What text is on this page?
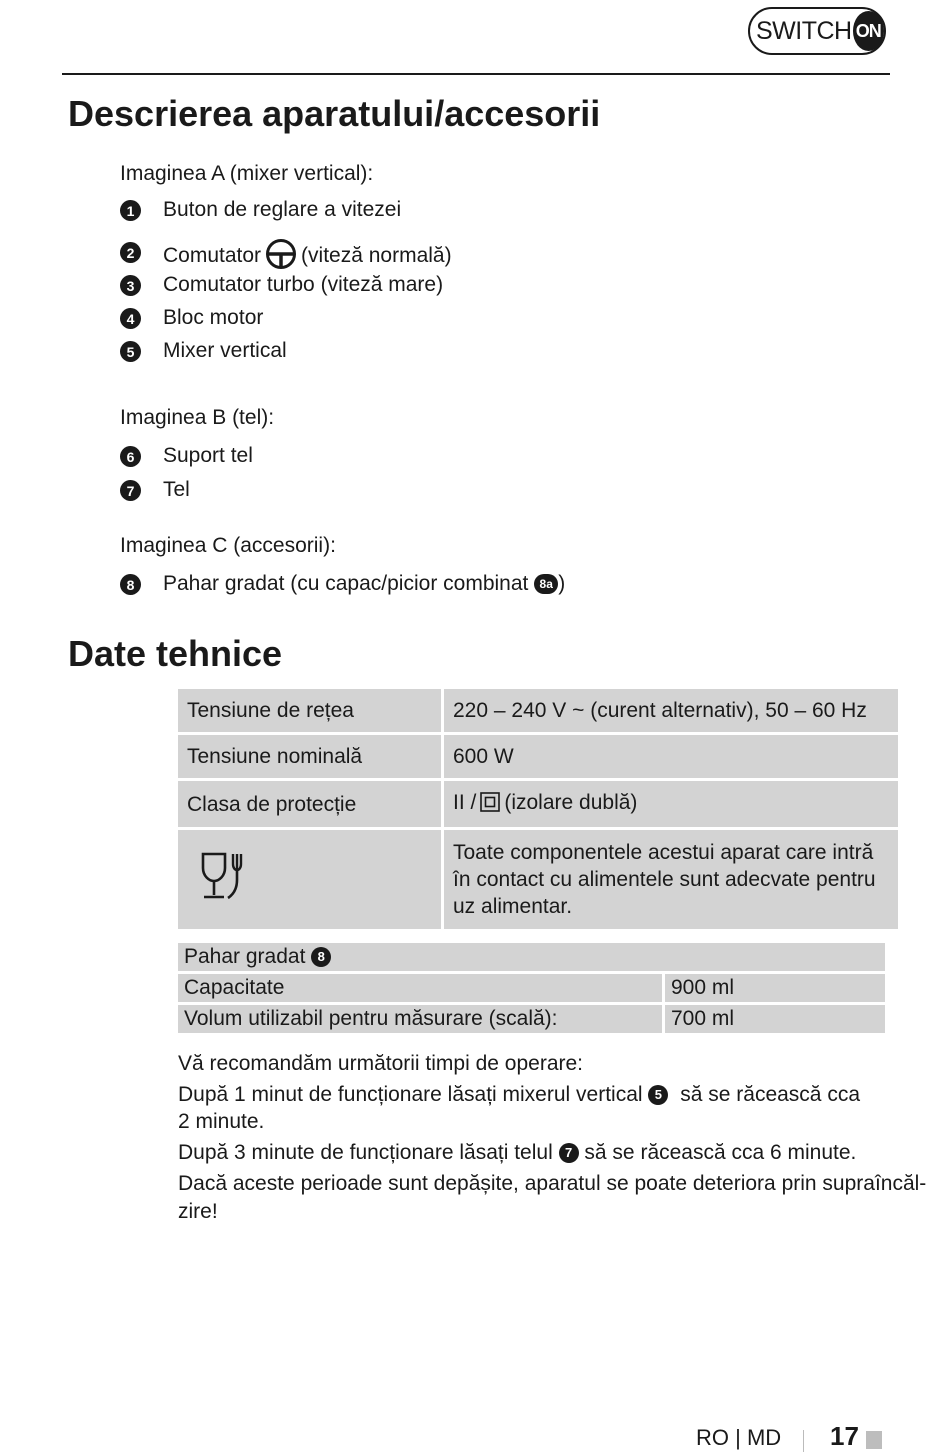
SWITCH ON
Descrierea aparatului/accesorii
Imaginea A (mixer vertical):
1	Buton de reglare a vitezei
2	Comutator (viteză normală)
3	Comutator turbo (viteză mare)
4	Bloc motor
5	Mixer vertical
Imaginea B (tel):
6	Suport tel
7	Tel
Imaginea C (accesorii):
8	Pahar gradat (cu capac/picior combinat 8a )
Date tehnice
Tensiune de rețea	220 – 240 V ~ (curent alternativ), 50 – 60 Hz
Tensiune nominală	600 W
Clasa de protecție	II / (izolare dublă)
	Toate componentele acestui aparat care intră în contact cu alimentele sunt adecvate pentru uz alimentar.
Pahar gradat 8	
Capacitate	900 ml
Volum utilizabil pentru măsurare (scală):	700 ml
Vă recomandăm următorii timpi de operare:
După 1 minut de funcționare lăsați mixerul vertical 5 să se răcească cca
2 minute.
După 3 minute de funcționare lăsați telul 7 să se răcească cca 6 minute.
Dacă aceste perioade sunt depășite, aparatul se poate deteriora prin supraîncăl-
zire!
RO | MD 17
